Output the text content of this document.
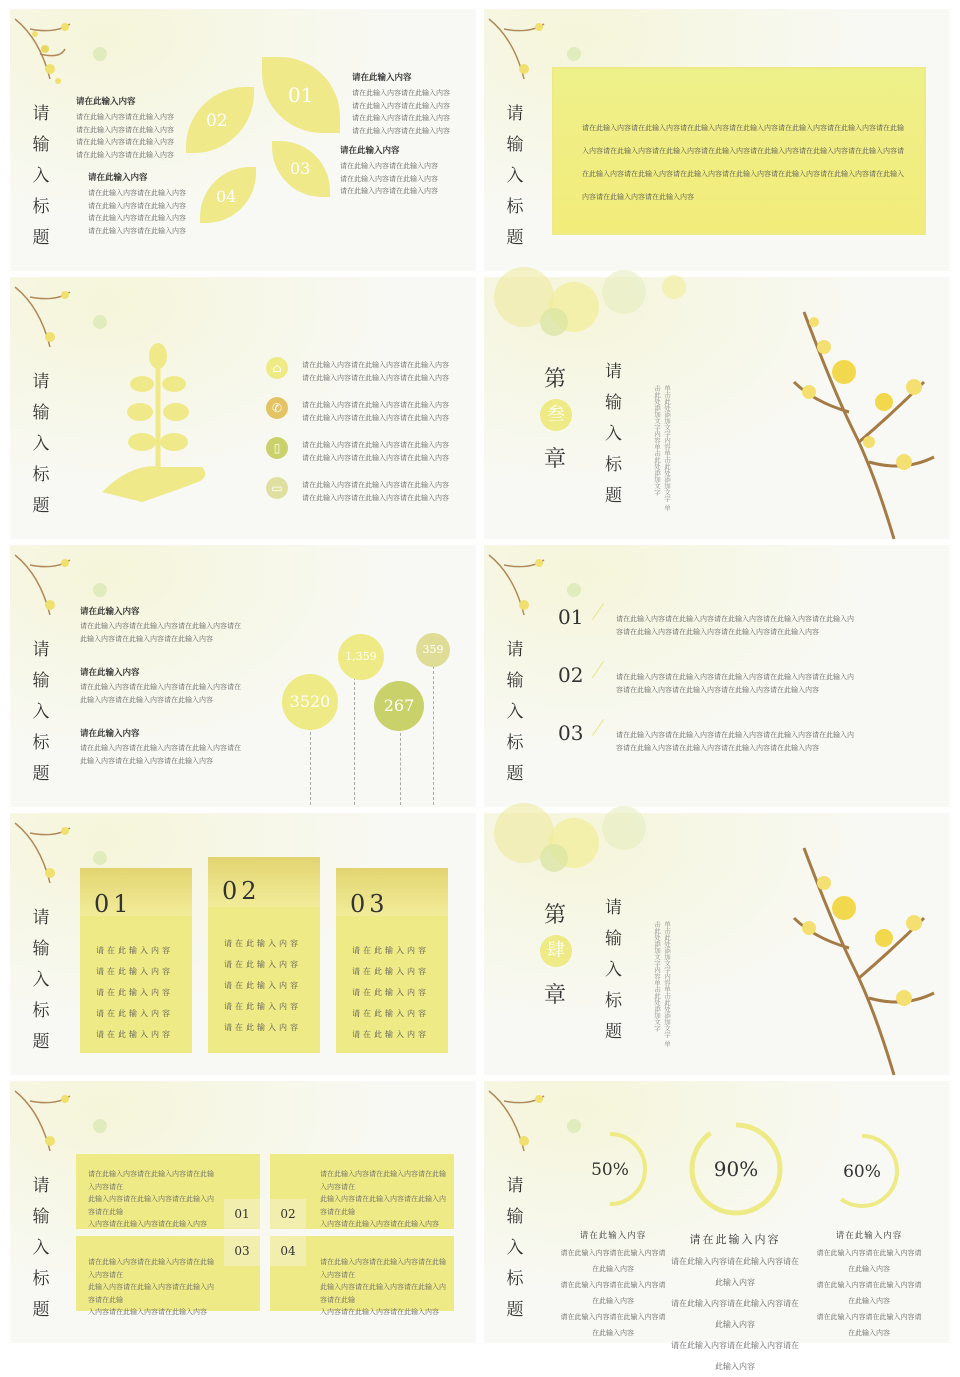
请
输
入
标
题
请在此输入内容
请在此输入内容请在此输入内容
请在此输入内容请在此输入内容
请在此输入内容请在此输入内容
请在此输入内容请在此输入内容
请在此输入内容
请在此输入内容请在此输入内容
请在此输入内容请在此输入内容
请在此输入内容请在此输入内容
请在此输入内容请在此输入内容
请在此输入内容
请在此输入内容请在此输入内容
请在此输入内容请在此输入内容
请在此输入内容请在此输入内容
请在此输入内容请在此输入内容
请在此输入内容
请在此输入内容请在此输入内容
请在此输入内容请在此输入内容
请在此输入内容请在此输入内容
01
02
03
04
请
输
入
标
题
请在此输入内容请在此输入内容请在此输入内容请在此输入内容请在此输入内容请在此输入内容请在此输入内容请在此输入内容请在此输入内容请在此输入内容请在此输入内容请在此输入内容请在此输入内容请在此输入内容请在此输入内容请在此输入内容请在此输入内容请在此输入内容请在此输入内容请在此输入内容请在此输入内容请在此输入内容
请
输
入
标
题
⌂	请在此输入内容请在此输入内容请在此输入内容
请在此输入内容请在此输入内容请在此输入内容
✆	请在此输入内容请在此输入内容请在此输入内容
请在此输入内容请在此输入内容请在此输入内容
▯	请在此输入内容请在此输入内容请在此输入内容
请在此输入内容请在此输入内容请在此输入内容
▭	请在此输入内容请在此输入内容请在此输入内容
请在此输入内容请在此输入内容请在此输入内容
第
叁
章
请
输
入
标
题	单击此处添加文字内容单击此处添加文字 单击此处添加文字内容单击此处添加文字
请
输
入
标
题
请在此输入内容
请在此输入内容请在此输入内容请在此输入内容请在
此输入内容请在此输入内容请在此输入内容
请在此输入内容
请在此输入内容请在此输入内容请在此输入内容请在
此输入内容请在此输入内容请在此输入内容
请在此输入内容
请在此输入内容请在此输入内容请在此输入内容请在
此输入内容请在此输入内容请在此输入内容
3520
1,359
267
359	请
输
入
标
题
01	请在此输入内容请在此输入内容请在此输入内容请在此输入内容请在此输入内
容请在此输入内容请在此输入内容请在此输入内容请在此输入内容
02	请在此输入内容请在此输入内容请在此输入内容请在此输入内容请在此输入内
容请在此输入内容请在此输入内容请在此输入内容请在此输入内容
03	请在此输入内容请在此输入内容请在此输入内容请在此输入内容请在此输入内
容请在此输入内容请在此输入内容请在此输入内容请在此输入内容
请
输
入
标
题
01
请在此输入内容
请在此输入内容
请在此输入内容
请在此输入内容
请在此输入内容
02
请在此输入内容
请在此输入内容
请在此输入内容
请在此输入内容
请在此输入内容
03
请在此输入内容
请在此输入内容
请在此输入内容
请在此输入内容
请在此输入内容
第
肆
章
请
输
入
标
题	单击此处添加文字内容单击此处添加文字 单击此处添加文字内容单击此处添加文字
请
输
入
标
题
请在此输入内容请在此输入内容请在此输入内容请在
此输入内容请在此输入内容请在此输入内容请在此输
入内容请在此输入内容请在此输入内容
01	02
请在此输入内容请在此输入内容请在此输入内容请在
此输入内容请在此输入内容请在此输入内容请在此输
入内容请在此输入内容请在此输入内容
请在此输入内容请在此输入内容请在此输入内容请在
此输入内容请在此输入内容请在此输入内容请在此输
入内容请在此输入内容请在此输入内容
03	04
请在此输入内容请在此输入内容请在此输入内容请在
此输入内容请在此输入内容请在此输入内容请在此输
入内容请在此输入内容请在此输入内容
请
输
入
标
题
50%	90%	60%
请在此输入内容
请在此输入内容请在此输入内容请在此输入内容
请在此输入内容请在此输入内容请在此输入内容
请在此输入内容请在此输入内容请在此输入内容
请在此输入内容
请在此输入内容请在此输入内容请在此输入内容
请在此输入内容请在此输入内容请在此输入内容
请在此输入内容请在此输入内容请在此输入内容
请在此输入内容
请在此输入内容请在此输入内容请在此输入内容
请在此输入内容请在此输入内容请在此输入内容
请在此输入内容请在此输入内容请在此输入内容
